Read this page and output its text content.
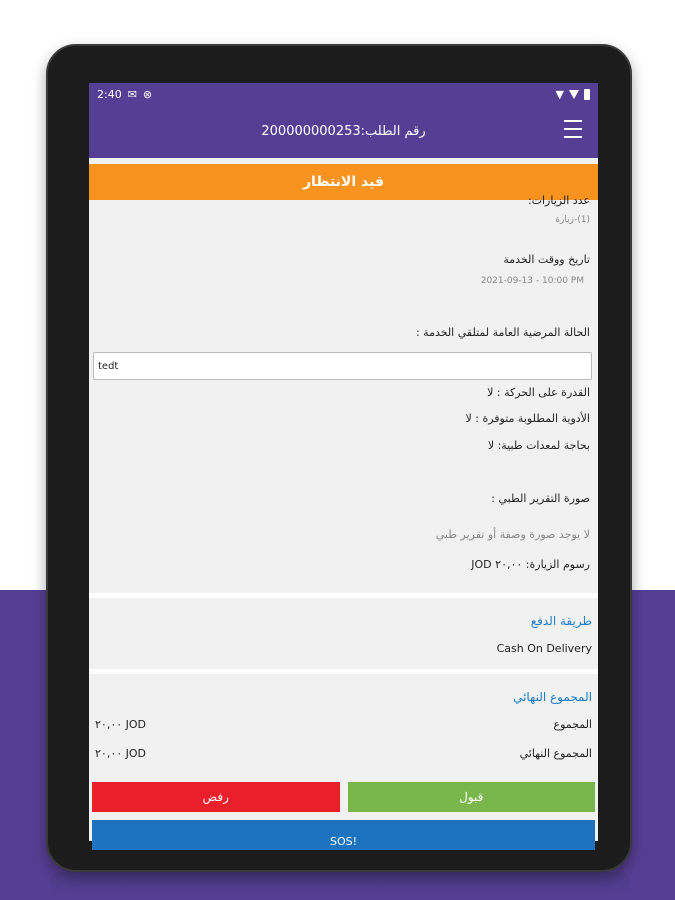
2:40 ✉ ⊗	▼
رقم الطلب:200000000253
قيد الانتظار
عدد الزيارات:
(1)-زيارة
تاريخ ووقت الخدمة
2021-09-13 - 10:00 PM
الحالة المرضية العامة لمتلقي الخدمة :
tedt
القدرة على الحركة : لا
الأدوية المطلوبة متوفرة : لا
بحاجة لمعدات طبية: لا
صورة التقرير الطبي :
لا يوجد صورة وصفة أو تقرير طبي
رسوم الزيارة: JOD ٢٠,٠٠
طريقة الدفع
Cash On Delivery
المجموع النهائي
المجموع
٢٠,٠٠ JOD
المجموع النهائي
٢٠,٠٠ JOD
رفض	قبول
SOS!
